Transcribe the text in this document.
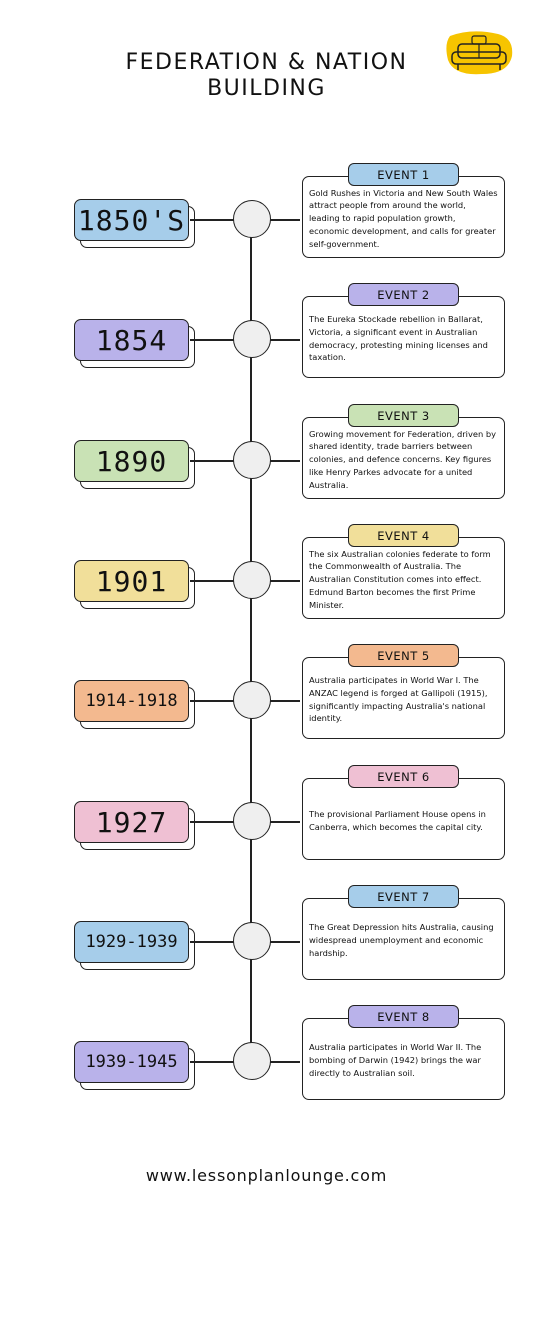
FEDERATION & NATION
BUILDING
1850'S
Gold Rushes in Victoria and New South Wales attract people from around the world, leading to rapid population growth, economic development, and calls for greater self-government.
EVENT 1
1854
The Eureka Stockade rebellion in Ballarat, Victoria, a significant event in Australian democracy, protesting mining licenses and taxation.
EVENT 2
1890
Growing movement for Federation, driven by shared identity, trade barriers between colonies, and defence concerns. Key figures like Henry Parkes advocate for a united Australia.
EVENT 3
1901
The six Australian colonies federate to form the Commonwealth of Australia. The Australian Constitution comes into effect. Edmund Barton becomes the first Prime Minister.
EVENT 4
1914-1918
Australia participates in World War I. The ANZAC legend is forged at Gallipoli (1915), significantly impacting Australia's national identity.
EVENT 5
1927	The provisional Parliament House opens in Canberra, which becomes the capital city.
EVENT 6
1929-1939
The Great Depression hits Australia, causing widespread unemployment and economic hardship.
EVENT 7
1939-1945
Australia participates in World War II. The bombing of Darwin (1942) brings the war directly to Australian soil.
EVENT 8
www.lessonplanlounge.com
